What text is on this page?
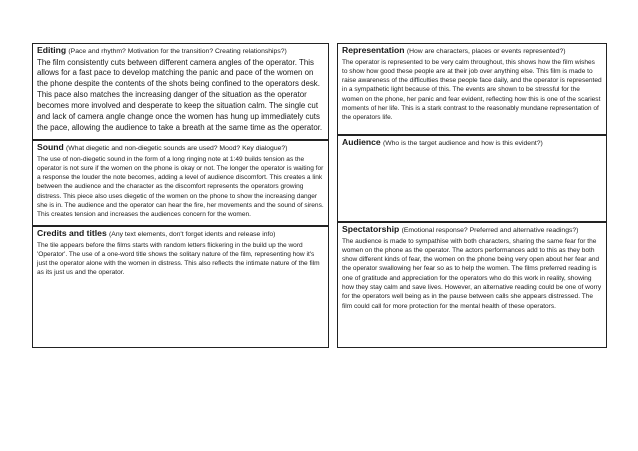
Editing (Pace and rhythm? Motivation for the transition? Creating relationships?)
The film consistently cuts between different camera angles of the operator. This allows for a fast pace to develop matching the panic and pace of the women on the phone despite the contents of the shots being confined to the operators desk. This pace also matches the increasing danger of the situation as the operator becomes more involved and desperate to keep the situation calm. The single cut and lack of camera angle change once the women has hung up immediately cuts the pace, allowing the audience to take a breath at the same time as the operator.
Sound (What diegetic and non-diegetic sounds are used? Mood? Key dialogue?)
The use of non-diegetic sound in the form of a long ringing note at 1:49 builds tension as the operator is not sure if the women on the phone is okay or not. The longer the operator is waiting for a response the louder the note becomes, adding a level of audience discomfort. This creates a link between the audience and the character as the discomfort represents the operators growing distress. This piece also uses diegetic of the women on the phone to show the increasing danger she is in. The audience and the operator can hear the fire, her movements and the sound of sirens. This creates tension and increases the audiences concern for the women.
Credits and titles (Any text elements, don't forget idents and release info)
The tile appears before the films starts with random letters flickering in the build up the word 'Operator'. The use of a one-word title shows the solitary nature of the film, representing how it's just the operator alone with the women in distress. This also reflects the intimate nature of the film as its just us and the operator.
Representation (How are characters, places or events represented?)
The operator is represented to be very calm throughout, this shows how the film wishes to show how good these people are at their job over anything else. This film is made to raise awareness of the difficulties these people face daily, and the operator is represented in a sympathetic light because of this. The events are shown to be stressful for the women on the phone, her panic and fear evident, reflecting how this is one of the scariest moments of her life. This is a stark contrast to the reasonably mundane representation of the operators life.
Audience (Who is the target audience and how is this evident?)
Spectatorship (Emotional response? Preferred and alternative readings?)
The audience is made to sympathise with both characters, sharing the same fear for the women on the phone as the operator. The actors performances add to this as they both show different kinds of fear, the women on the phone being very open about her fear and the operator swallowing her fear so as to help the women. The films preferred reading is one of gratitude and appreciation for the operators who do this work in reality, showing how they stay calm and save lives. However, an alternative reading could be one of worry for the operators well being as in the pause between calls she appears distressed. The film could call for more protection for the mental health of these operators.
